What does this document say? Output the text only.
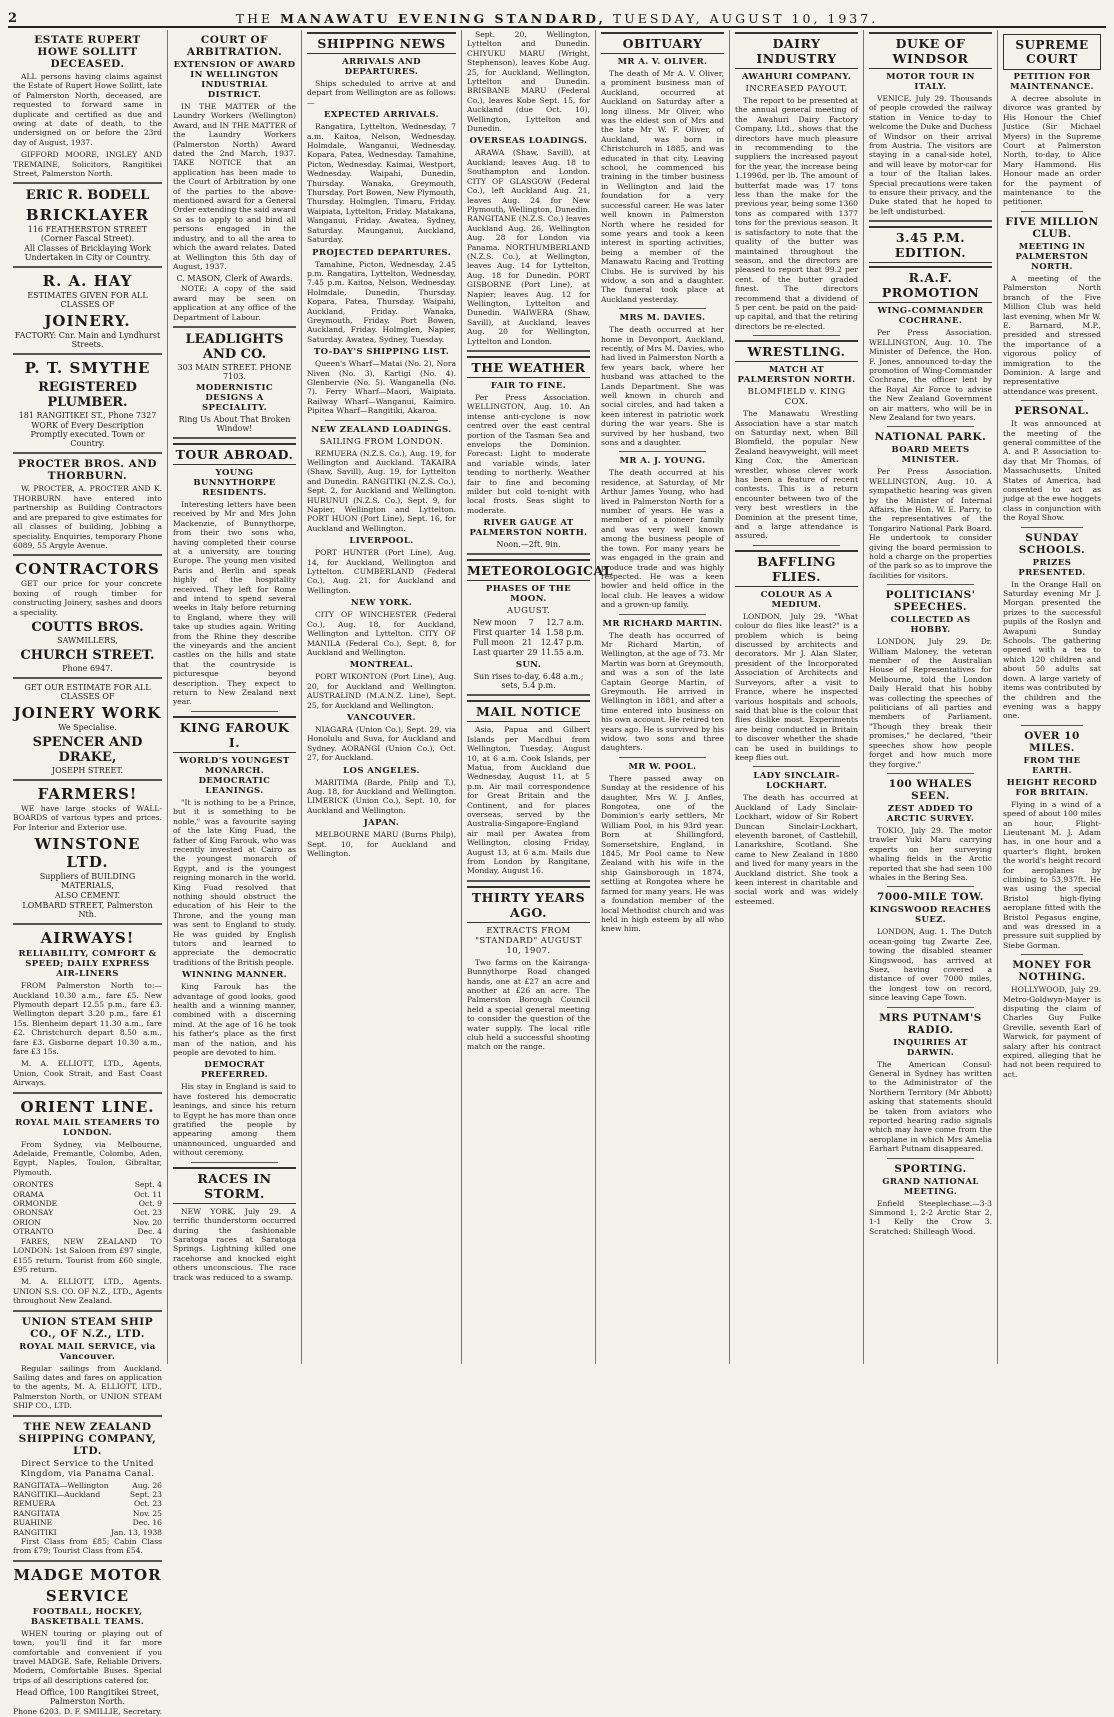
2	THE MANAWATU EVENING STANDARD, TUESDAY, AUGUST 10, 1937.
ESTATE RUPERT HOWE SOLLITT DECEASED.

ALL persons having claims against the Estate of Rupert Howe Sollitt, late of Palmerston North, deceased, are requested to forward same in duplicate and certified as due and owing at date of death, to the undersigned on or before the 23rd day of August, 1937.

GIFFORD MOORE, INGLEY AND TREMAINE, Solicitors, Rangitikei Street, Palmerston North.

ERIC R. BODELL
BRICKLAYER
116 FEATHERSTON STREET (Corner Fascal Street).
All Classes of Bricklaying Work Undertaken in City or Country.
R. A. HAY
ESTIMATES GIVEN FOR ALL CLASSES OF
JOINERY.
FACTORY: Cnr. Main and Lyndhurst Streets.
P. T. SMYTHE
REGISTERED PLUMBER.
181 RANGITIKEI ST., Phone 7327
WORK of Every Description Promptly executed. Town or Country.
PROCTER BROS. AND THORBURN.

W. PROCTER, A. PROCTER AND K. THORBURN have entered into partnership as Building Contractors and are prepared to give estimates for all classes of building, Jobbing a speciality. Enquiries, temporary Phone 6089, 55 Argyle Avenue.

CONTRACTORS

GET our price for your concrete boxing of rough timber for constructing Joinery, sashes and doors a speciality.

COUTTS BROS.
SAWMILLERS,
CHURCH STREET.
Phone 6947.
GET OUR ESTIMATE FOR ALL CLASSES OF
JOINERY WORK
We Specialise.
SPENCER AND DRAKE,
JOSEPH STREET.
FARMERS!

WE have large stocks of WALL-BOARDS of various types and prices. For Interior and Exterior use.

WINSTONE LTD.
Suppliers of BUILDING MATERIALS,
ALSO CEMENT.
LOMBARD STREET, Palmerston Nth.
AIRWAYS!
RELIABILITY, COMFORT & SPEED; DAILY EXPRESS AIR-LINERS

FROM Palmerston North to:—Auckland 10.30 a.m., fare £5. New Plymouth depart 12.55 p.m., fare £3. Wellington depart 3.20 p.m., fare £1 15s. Blenheim depart 11.30 a.m., fare £2. Christchurch depart 8.50 a.m., fare £3. Gisborne depart 10.30 a.m., fare £3 15s.

M. A. ELLIOTT, LTD., Agents, Union, Cook Strait, and East Coast Airways.

ORIENT LINE.
ROYAL MAIL STEAMERS TO LONDON.

From Sydney, via Melbourne, Adelaide, Fremantle, Colombo, Aden, Egypt, Naples, Toulon, Gibraltar, Plymouth.

ORONTES	Sept. 4
ORAMA	Oct. 11
ORMONDE	Oct. 9
ORONSAY	Oct. 23
ORION	Nov. 20
OTRANTO	Dec. 4

FARES, NEW ZEALAND TO LONDON: 1st Saloon from £97 single, £155 return. Tourist from £60 single, £95 return.

M. A. ELLIOTT, LTD., Agents. UNION S.S. CO. OF N.Z., LTD., Agents throughout New Zealand.

UNION STEAM SHIP CO., OF N.Z., LTD.
ROYAL MAIL SERVICE, via Vancouver.

Regular sailings from Auckland. Sailing dates and fares on application to the agents, M. A. ELLIOTT, LTD., Palmerston North, or UNION STEAM SHIP CO., LTD.

THE NEW ZEALAND SHIPPING COMPANY, LTD.
Direct Service to the United Kingdom, via Panama Canal.
RANGITATA—Wellington	Aug. 26
RANGITIKI—Auckland	Sept. 23
REMUERA	Oct. 23
RANGITATA	Nov. 25
RUAHINE	Dec. 16
RANGITIKI	Jan. 13, 1938

First Class from £85; Cabin Class from £79; Tourist Class from £54.

MADGE MOTOR
SERVICE
FOOTBALL, HOCKEY, BASKETBALL TEAMS.

WHEN touring or playing out of town, you'll find it far more comfortable and convenient if you travel MADGE. Safe, Reliable Drivers. Modern, Comfortable Buses. Special trips of all descriptions catered for.

Head Office, 100 Rangitikei Street, Palmerston North.
Phone 6203. D. F. SMILLIE, Secretary.
COURT OF ARBITRATION.
EXTENSION OF AWARD IN WELLINGTON INDUSTRIAL DISTRICT.

IN THE MATTER of the Laundry Workers (Wellington) Award, and IN THE MATTER of the Laundry Workers (Palmerston North) Award dated the 2nd March, 1937. TAKE NOTICE that an application has been made to the Court of Arbitration by one of the parties to the above-mentioned award for a General Order extending the said award so as to apply to and bind all persons engaged in the industry, and to all the area to which the award relates. Dated at Wellington this 5th day of August, 1937.

C. MASON, Clerk of Awards.

NOTE: A copy of the said award may be seen on application at any office of the Department of Labour.

LEADLIGHTS AND CO.
303 MAIN STREET. PHONE 7103.
MODERNISTIC DESIGNS A SPECIALITY.
Ring Us About That Broken Window!
TOUR ABROAD.
YOUNG BUNNYTHORPE RESIDENTS.

Interesting letters have been received by Mr and Mrs John Mackenzie, of Bunnythorpe, from their two sons who, having completed their course at a university, are touring Europe. The young men visited Paris and Berlin and speak highly of the hospitality received. They left for Rome and intend to spend several weeks in Italy before returning to England, where they will take up studies again. Writing from the Rhine they describe the vineyards and the ancient castles on the hills and state that the countryside is picturesque beyond description. They expect to return to New Zealand next year.

KING FAROUK I.
WORLD'S YOUNGEST MONARCH. DEMOCRATIC LEANINGS.

"It is nothing to be a Prince, but it is something to be noble," was a favourite saying of the late King Fuad, the father of King Farouk, who was recently invested at Cairo as the youngest monarch of Egypt, and is the youngest reigning monarch in the world. King Fuad resolved that nothing should obstruct the education of his Heir to the Throne, and the young man was sent to England to study. He was guided by English tutors and learned to appreciate the democratic traditions of the British people.

WINNING MANNER.

King Farouk has the advantage of good looks, good health and a winning manner, combined with a discerning mind. At the age of 16 he took his father's place as the first man of the nation, and his people are devoted to him.

DEMOCRAT PREFERRED.

His stay in England is said to have fostered his democratic leanings, and since his return to Egypt he has more than once gratified the people by appearing among them unannounced, unguarded and without ceremony.

RACES IN STORM.

NEW YORK, July 29. A terrific thunderstorm occurred during the fashionable Saratoga races at Saratoga Springs. Lightning killed one racehorse and knocked eight others unconscious. The race track was reduced to a swamp.

SHIPPING NEWS
ARRIVALS AND DEPARTURES.

Ships scheduled to arrive at and depart from Wellington are as follows:—

EXPECTED ARRIVALS.

Rangatira, Lyttelton, Wednesday, 7 a.m. Kaitoa, Nelson, Wednesday. Holmdale, Wanganui, Wednesday. Kopara, Patea, Wednesday. Tamahine, Picton, Wednesday. Kaimai, Westport, Wednesday. Waipahi, Dunedin, Thursday. Wanaka, Greymouth, Thursday. Port Bowen, New Plymouth, Thursday. Holmglen, Timaru, Friday. Waipiata, Lyttelton, Friday. Matakana, Wanganui, Friday. Awatea, Sydney, Saturday. Maunganui, Auckland, Saturday.

PROJECTED DEPARTURES.

Tamahine, Picton, Wednesday, 2.45 p.m. Rangatira, Lyttelton, Wednesday, 7.45 p.m. Kaitoa, Nelson, Wednesday. Holmdale, Dunedin, Thursday. Kopara, Patea, Thursday. Waipahi, Auckland, Friday. Wanaka, Greymouth, Friday. Port Bowen, Auckland, Friday. Holmglen, Napier, Saturday. Awatea, Sydney, Tuesday.

TO-DAY'S SHIPPING LIST.

Queen's Wharf—Matai (No. 2), Nora Niven (No. 3), Kartigi (No. 4). Glenbervie (No. 5). Wanganella (No. 7). Ferry Wharf—Maori, Waipiata. Railway Wharf—Wanganui, Kaimiro. Pipitea Wharf—Rangitiki, Akaroa.

NEW ZEALAND LOADINGS.
SAILING FROM LONDON.

REMUERA (N.Z.S. Co.), Aug. 19, for Wellington and Auckland. TAKAIRA (Shaw, Savill), Aug. 19, for Lyttelton and Dunedin. RANGITIKI (N.Z.S. Co.), Sept. 2, for Auckland and Wellington. HURUNUI (N.Z.S. Co.), Sept. 9, for Napier, Wellington and Lyttelton. PORT HUON (Port Line), Sept. 16, for Auckland and Wellington.

LIVERPOOL.

PORT HUNTER (Port Line), Aug. 14, for Auckland, Wellington and Lyttelton. CUMBERLAND (Federal Co.), Aug. 21, for Auckland and Wellington.

NEW YORK.

CITY OF WINCHESTER (Federal Co.), Aug. 18, for Auckland, Wellington and Lyttelton. CITY OF MANILA (Federal Co.), Sept. 8, for Auckland and Wellington.

MONTREAL.

PORT WIKONTON (Port Line), Aug. 20, for Auckland and Wellington. AUSTRALIND (M.A.N.Z. Line), Sept. 25, for Auckland and Wellington.

VANCOUVER.

NIAGARA (Union Co.), Sept. 29, via Honolulu and Suva, for Auckland and Sydney. AORANGI (Union Co.), Oct. 27, for Auckland.

LOS ANGELES.

MARITIMA (Barde, Philp and T.), Aug. 18, for Auckland and Wellington. LIMERICK (Union Co.), Sept. 10, for Auckland and Wellington.

JAPAN.

MELBOURNE MARU (Burns Philp), Sept. 10, for Auckland and Wellington.

Sept. 20, Wellington, Lyttelton and Dunedin. CHIYUKU MARU (Wright, Stephenson), leaves Kobe Aug. 25, for Auckland, Wellington, Lyttelton and Dunedin. BRISBANE MARU (Federal Co.), leaves Kobe Sept. 15, for Auckland (due Oct. 10), Wellington, Lyttelton and Dunedin.

OVERSEAS LOADINGS.

ARAWA (Shaw, Savill), at Auckland; leaves Aug. 18 to Southampton and London. CITY OF GLASGOW (Federal Co.), left Auckland Aug. 21, leaves Aug. 24 for New Plymouth, Wellington, Dunedin. RANGITANE (N.Z.S. Co.) leaves Auckland Aug. 26, Wellington Aug. 28 for London via Panama. NORTHUMBERLAND (N.Z.S. Co.), at Wellington, leaves Aug. 14 for Lyttelton, Aug. 18 for Dunedin. PORT GISBORNE (Port Line), at Napier; leaves Aug. 12 for Wellington, Lyttelton and Dunedin. WAIWERA (Shaw, Savill), at Auckland, leaves Aug. 20 for Wellington, Lyttelton and London.

THE WEATHER
FAIR TO FINE.

Per Press Association. WELLINGTON, Aug. 10. An intense anti-cyclone is now centred over the east central portion of the Tasman Sea and envelops the Dominion. Forecast: Light to moderate and variable winds, later tending to northerly. Weather fair to fine and becoming milder but cold to-night with local frosts. Seas slight to moderate.

RIVER GAUGE AT PALMERSTON NORTH.
Noon.—2ft. 9in.
METEOROLOGICAL
PHASES OF THE MOON.
AUGUST.
New moon 7 12.7 a.m.
First quarter 14 1.58 p.m.
Full moon 21 12.47 p.m.
Last quarter 29 11.55 a.m.
SUN.
Sun rises to-day, 6.48 a.m.; sets, 5.4 p.m.
MAIL NOTICE

Asia, Papua and Gilbert Islands per Macdhui from Wellington, Tuesday, August 10, at 6 a.m. Cook Islands, per Matua, from Auckland due Wednesday, August 11, at 5 p.m. Air mail correspondence for Great Britain and the Continent, and for places overseas, served by the Australia-Singapore-England air mail per Awatea from Wellington, closing Friday, August 13, at 6 a.m. Mails due from London by Rangitane, Monday, August 16.

THIRTY YEARS AGO.
EXTRACTS FROM "STANDARD" AUGUST 10, 1907.

Two farms on the Kairanga-Bunnythorpe Road changed hands, one at £27 an acre and another at £26 an acre. The Palmerston Borough Council held a special general meeting to consider the question of the water supply. The local rifle club held a successful shooting match on the range.

OBITUARY
MR A. V. OLIVER.

The death of Mr A. V. Oliver, a prominent business man of Auckland, occurred at Auckland on Saturday after a long illness. Mr Oliver, who was the eldest son of Mrs and the late Mr W. F. Oliver, of Auckland, was born in Christchurch in 1885, and was educated in that city. Leaving school, he commenced his training in the timber business in Wellington and laid the foundation for a very successful career. He was later well known in Palmerston North where he resided for some years and took a keen interest in sporting activities, being a member of the Manawatu Racing and Trotting Clubs. He is survived by his widow, a son and a daughter. The funeral took place at Auckland yesterday.

MRS M. DAVIES.

The death occurred at her home in Devonport, Auckland, recently, of Mrs M. Davies, who had lived in Palmerston North a few years back, where her husband was attached to the Lands Department. She was well known in church and social circles, and had taken a keen interest in patriotic work during the war years. She is survived by her husband, two sons and a daughter.

MR A. J. YOUNG.

The death occurred at his residence, at Saturday, of Mr Arthur James Young, who had lived in Palmerston North for a number of years. He was a member of a pioneer family and was very well known among the business people of the town. For many years he was engaged in the grain and produce trade and was highly respected. He was a keen bowler and held office in the local club. He leaves a widow and a grown-up family.

MR RICHARD MARTIN.

The death has occurred of Mr Richard Martin, of Wellington, at the age of 73. Mr Martin was born at Greymouth, and was a son of the late Captain George Martin, of Greymouth. He arrived in Wellington in 1881, and after a time entered into business on his own account. He retired ten years ago. He is survived by his widow, two sons and three daughters.

MR W. POOL.

There passed away on Sunday at the residence of his daughter, Mrs W. J. Anfles, Rongotea, one of the Dominion's early settlers, Mr William Pool, in his 93rd year. Born at Shillingford, Somersetshire, England, in 1845, Mr Pool came to New Zealand with his wife in the ship Gainsborough in 1874, settling at Rongotea where he farmed for many years. He was a foundation member of the local Methodist church and was held in high esteem by all who knew him.

DAIRY INDUSTRY
AWAHURI COMPANY.
INCREASED PAYOUT.

The report to be presented at the annual general meeting of the Awahuri Dairy Factory Company, Ltd., shows that the directors have much pleasure in recommending to the suppliers the increased payout for the year, the increase being 1.1996d. per lb. The amount of butterfat made was 17 tons less than the make for the previous year, being some 1360 tons as compared with 1377 tons for the previous season. It is satisfactory to note that the quality of the butter was maintained throughout the season, and the directors are pleased to report that 99.2 per cent. of the butter graded finest. The directors recommend that a dividend of 5 per cent. be paid on the paid-up capital, and that the retiring directors be re-elected.

WRESTLING.
MATCH AT PALMERSTON NORTH.
BLOMFIELD v. KING COX.

The Manawatu Wrestling Association have a star match on Saturday next, when Bill Blomfield, the popular New Zealand heavyweight, will meet King Cox, the American wrestler, whose clever work has been a feature of recent contests. This is a return encounter between two of the very best wrestlers in the Dominion at the present time, and a large attendance is assured.

BAFFLING FLIES.
COLOUR AS A MEDIUM.

LONDON, July 29. "What colour do flies like least?" is a problem which is being discussed by architects and decorators. Mr J. Alan Slater, president of the Incorporated Association of Architects and Surveyors, after a visit to France, where he inspected various hospitals and schools, said that blue is the colour that flies dislike most. Experiments are being conducted in Britain to discover whether the shade can be used in buildings to keep flies out.

LADY SINCLAIR-LOCKHART.

The death has occurred at Auckland of Lady Sinclair-Lockhart, widow of Sir Robert Duncan Sinclair-Lockhart, eleventh baronet, of Castlehill, Lanarkshire, Scotland. She came to New Zealand in 1880 and lived for many years in the Auckland district. She took a keen interest in charitable and social work and was widely esteemed.

DUKE OF WINDSOR
MOTOR TOUR IN ITALY.

VENICE, July 29. Thousands of people crowded the railway station in Venice to-day to welcome the Duke and Duchess of Windsor on their arrival from Austria. The visitors are staying in a canal-side hotel, and will leave by motor-car for a tour of the Italian lakes. Special precautions were taken to ensure their privacy, and the Duke stated that he hoped to be left undisturbed.

3.45 P.M. EDITION.
R.A.F. PROMOTION
WING-COMMANDER COCHRANE.

Per Press Association. WELLINGTON, Aug. 10. The Minister of Defence, the Hon. F. Jones, announced to-day the promotion of Wing-Commander Cochrane, the officer lent by the Royal Air Force to advise the New Zealand Government on air matters, who will be in New Zealand for two years.

NATIONAL PARK.
BOARD MEETS MINISTER.

Per Press Association. WELLINGTON, Aug. 10. A sympathetic hearing was given by the Minister of Internal Affairs, the Hon. W. E. Parry, to the representatives of the Tongariro National Park Board. He undertook to consider giving the board permission to hold a charge on the properties of the park so as to improve the facilities for visitors.

POLITICIANS' SPEECHES.
COLLECTED AS HOBBY.

LONDON, July 29. Dr. William Maloney, the veteran member of the Australian House of Representatives for Melbourne, told the London Daily Herald that his hobby was collecting the speeches of politicians of all parties and members of Parliament. "Though they break their promises," he declared, "their speeches show how people forget and how much more they forgive."

100 WHALES SEEN.
ZEST ADDED TO ARCTIC SURVEY.

TOKIO, July 29. The motor trawler Yuki Maru carrying experts on her surveying whaling fields in the Arctic reported that she had seen 100 whales in the Bering Sea.

7000-MILE TOW.
KINGSWOOD REACHES SUEZ.

LONDON, Aug. 1. The Dutch ocean-going tug Zwarte Zee, towing the disabled steamer Kingswood, has arrived at Suez, having covered a distance of over 7000 miles, the longest tow on record, since leaving Cape Town.

MRS PUTNAM'S RADIO.
INQUIRIES AT DARWIN.

The American Consul-General in Sydney has written to the Administrator of the Northern Territory (Mr Abbott) asking that statements should be taken from aviators who reported hearing radio signals which may have come from the aeroplane in which Mrs Amelia Earhart Putnam disappeared.

SPORTING.
GRAND NATIONAL MEETING.

Enfield Steeplechase.—3-3 Simmond 1, 2-2 Arctic Star 2, 1-1 Kelly the Crow 3. Scratched: Shilleagh Wood.

SUPREME COURT
PETITION FOR MAINTENANCE.

A decree absolute in divorce was granted by His Honour the Chief Justice (Sir Michael Myers) in the Supreme Court at Palmerston North, to-day, to Alice Mary Hammond. His Honour made an order for the payment of maintenance to the petitioner.

FIVE MILLION CLUB.
MEETING IN PALMERSTON NORTH.

A meeting of the Palmerston North branch of the Five Million Club was held last evening, when Mr W. E. Barnard, M.P., presided and stressed the importance of a vigorous policy of immigration to the Dominion. A large and representative attendance was present.

PERSONAL.

It was announced at the meeting of the general committee of the A. and P. Association to-day that Mr Thomas, of Massachusetts, United States of America, had consented to act as judge at the ewe hoggets class in conjunction with the Royal Show.

SUNDAY SCHOOLS.
PRIZES PRESENTED.

In the Orange Hall on Saturday evening Mr J. Morgan presented the prizes to the successful pupils of the Roslyn and Awapuni Sunday Schools. The gathering opened with a tea to which 120 children and about 50 adults sat down. A large variety of items was contributed by the children and the evening was a happy one.

OVER 10 MILES.
FROM THE EARTH.
HEIGHT RECORD FOR BRITAIN.

Flying in a wind of a speed of about 100 miles an hour, Flight-Lieutenant M. J. Adam has, in one hour and a quarter's flight, broken the world's height record for aeroplanes by climbing to 53,937ft. He was using the special Bristol high-flying aeroplane fitted with the Bristol Pegasus engine, and was dressed in a pressure suit supplied by Siebe Gorman.

MONEY FOR NOTHING.

HOLLYWOOD, July 29. Metro-Goldwyn-Mayer is disputing the claim of Charles Guy Fulke Greville, seventh Earl of Warwick, for payment of salary after his contract expired, alleging that he had not been required to act.
